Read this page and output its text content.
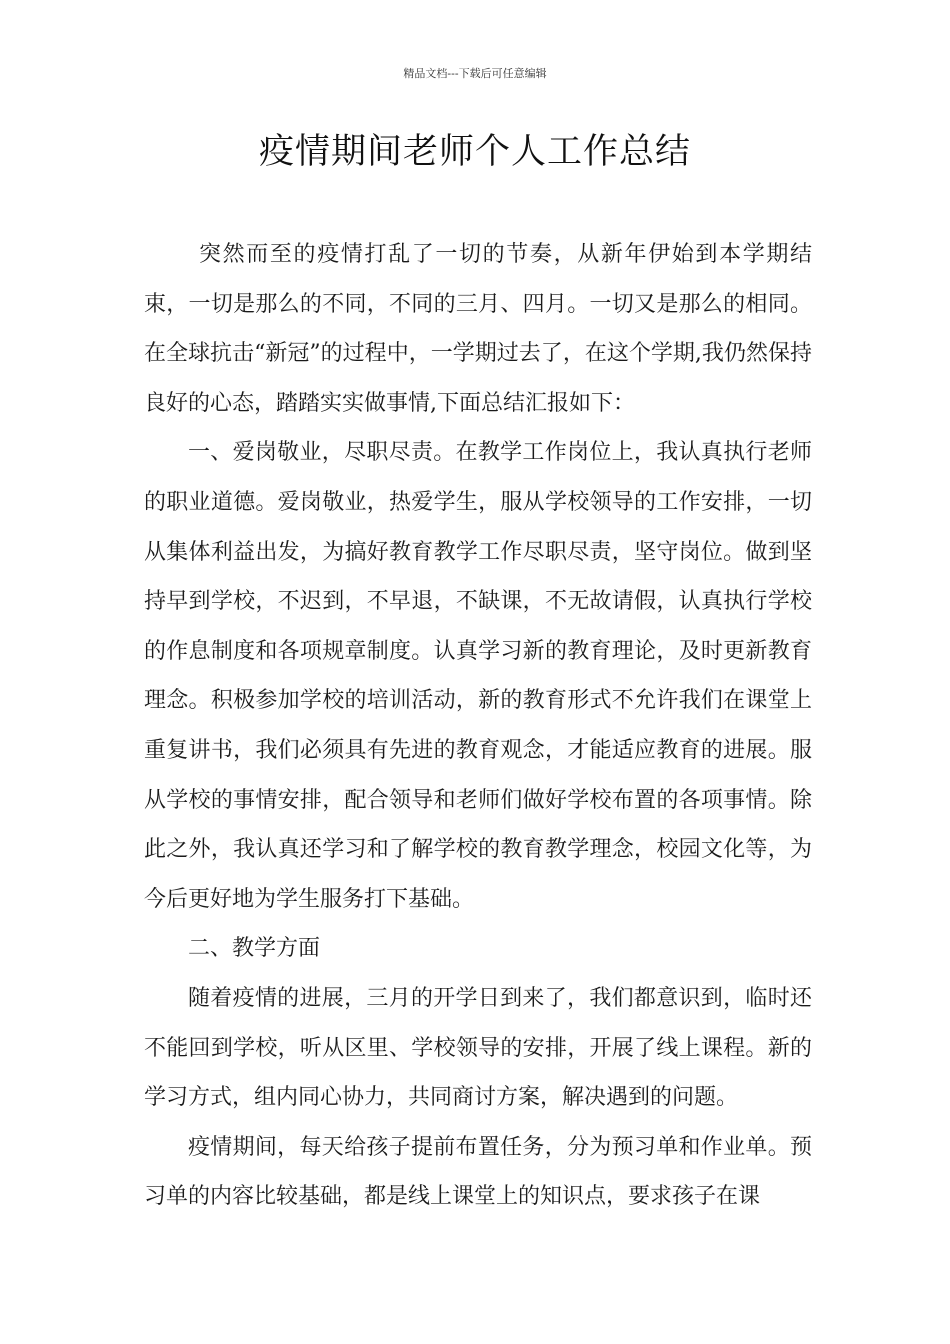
精品文档---下载后可任意编辑
疫情期间老师个人工作总结

突然而至的疫情打乱了一切的节奏，从新年伊始到本学期结束，一切是那么的不同，不同的三月、四月。一切又是那么的相同。在全球抗击“新冠”的过程中，一学期过去了，在这个学期,我仍然保持良好的心态，踏踏实实做事情,下面总结汇报如下：

一、爱岗敬业，尽职尽责。在教学工作岗位上，我认真执行老师的职业道德。爱岗敬业，热爱学生，服从学校领导的工作安排，一切从集体利益出发，为搞好教育教学工作尽职尽责，坚守岗位。做到坚持早到学校，不迟到，不早退，不缺课，不无故请假，认真执行学校的作息制度和各项规章制度。认真学习新的教育理论，及时更新教育理念。积极参加学校的培训活动，新的教育形式不允许我们在课堂上重复讲书，我们必须具有先进的教育观念，才能适应教育的进展。服从学校的事情安排，配合领导和老师们做好学校布置的各项事情。除此之外，我认真还学习和了解学校的教育教学理念，校园文化等，为今后更好地为学生服务打下基础。

二、教学方面

随着疫情的进展，三月的开学日到来了，我们都意识到，临时还不能回到学校，听从区里、学校领导的安排，开展了线上课程。新的学习方式，组内同心协力，共同商讨方案，解决遇到的问题。

疫情期间，每天给孩子提前布置任务，分为预习单和作业单。预习单的内容比较基础，都是线上课堂上的知识点，要求孩子在课
